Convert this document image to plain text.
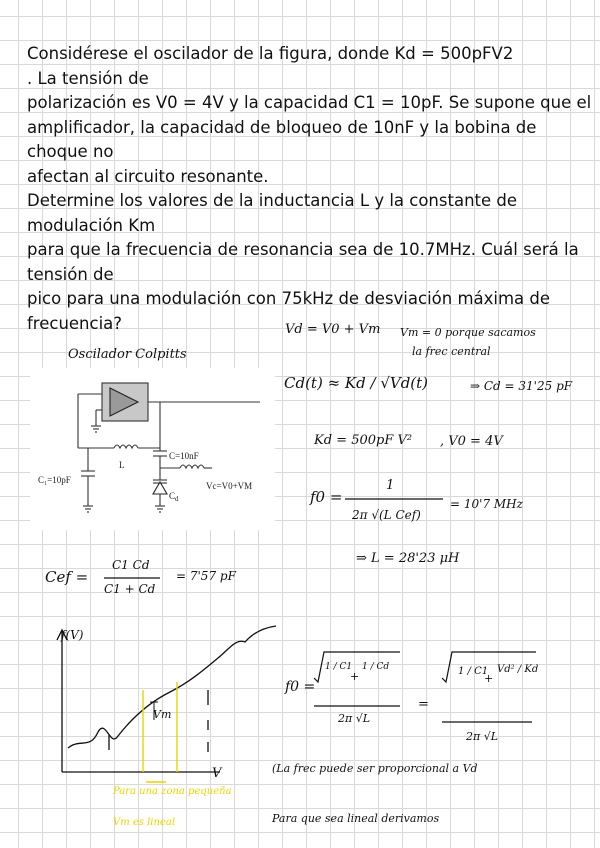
Considérese el oscilador de la figura, donde Kd = 500pFV2
. La tensión de
polarización es V0 = 4V y la capacidad C1 = 10pF. Se supone que el
amplificador, la capacidad de bloqueo de 10nF y la bobina de
choque no
afectan al circuito resonante.
Determine los valores de la inductancia L y la constante de
modulación Km
para que la frecuencia de resonancia sea de 10.7MHz. Cuál será la
tensión de
pico para una modulación con 75kHz de desviación máxima de
frecuencia?
C=10nF
L
C₁=10pF
$C_d$
Vc=V0+VM
Vd = V0 + Vm Vm = 0 porque sacamos
la frec central
Oscilador Colpitts
Cd(t) ≈ Kd / √Vd(t)	⇒ Cd = 31'25 pF
Kd = 500pF V² , V0 = 4V
f0 =
1
2π √(L Cef)
= 10'7 MHz
⇒ L = 28'23 μH
Cef =
C1 Cd
C1 + Cd
= 7'57 pF
f(V)
V
Vm
Para una zona pequeña
Vm es lineal
f0 =
1 / C1
+
1 / Cd
2π √L
=
1 / C1
+
Vd² / Kd
2π √L
(La frec puede ser proporcional a Vd
Para que sea lineal derivamos
